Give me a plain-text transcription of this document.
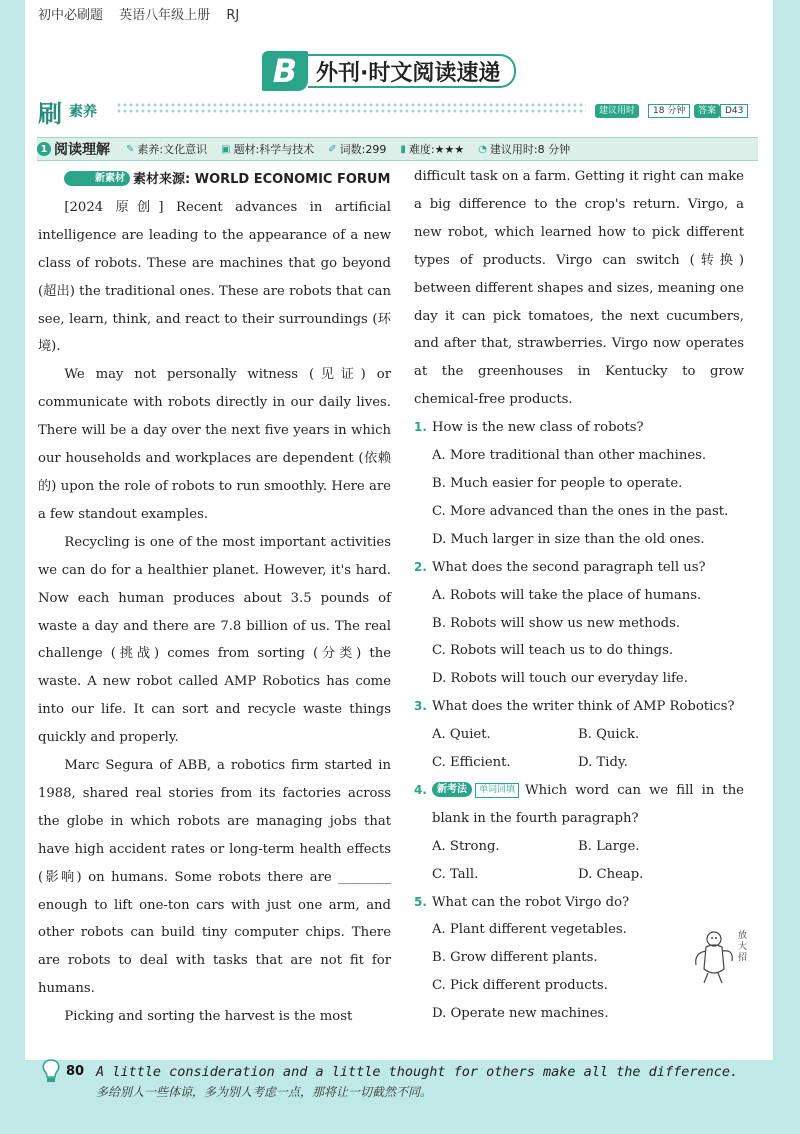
初中必刷题 英语八年级上册 RJ
B 外刊·时文阅读速递
刷 素养	建议用时	18 分钟	答案 D43
1 阅读理解 ✎ 素养:文化意识 ▣ 题材:科学与技术 ✐ 词数:299 ▮ 难度:★★★ ◔ 建议用时:8 分钟

新素材 素材来源: WORLD ECONOMIC FORUM

[2024 原创] Recent advances in artificial intelligence are leading to the appearance of a new class of robots. These are machines that go beyond (超出) the traditional ones. These are robots that can see, learn, think, and react to their surroundings (环境).

We may not personally witness (见证) or communicate with robots directly in our daily lives. There will be a day over the next five years in which our households and workplaces are dependent (依赖的) upon the role of robots to run smoothly. Here are a few standout examples.

Recycling is one of the most important activities we can do for a healthier planet. However, it's hard. Now each human produces about 3.5 pounds of waste a day and there are 7.8 billion of us. The real challenge (挑战) comes from sorting (分类) the waste. A new robot called AMP Robotics has come into our life. It can sort and recycle waste things quickly and properly.

Marc Segura of ABB, a robotics firm started in 1988, shared real stories from its factories across the globe in which robots are managing jobs that have high accident rates or long-term health effects (影响) on humans. Some robots there are ________ enough to lift one-ton cars with just one arm, and other robots can build tiny computer chips. There are robots to deal with tasks that are not fit for humans.

Picking and sorting the harvest is the most

difficult task on a farm. Getting it right can make a big difference to the crop's return. Virgo, a new robot, which learned how to pick different types of products. Virgo can switch (转换) between different shapes and sizes, meaning one day it can pick tomatoes, the next cucumbers, and after that, strawberries. Virgo now operates at the greenhouses in Kentucky to grow chemical-free products.

1. How is the new class of robots?
A. More traditional than other machines.
B. Much easier for people to operate.
C. More advanced than the ones in the past.
D. Much larger in size than the old ones.
2. What does the second paragraph tell us?
A. Robots will take the place of humans.
B. Robots will show us new methods.
C. Robots will teach us to do things.
D. Robots will touch our everyday life.
3. What does the writer think of AMP Robotics?
A. Quiet.	B. Quick.
C. Efficient.	D. Tidy.
4. 新考法 单词回填 Which word can we fill in the blank in the fourth paragraph?
A. Strong.	B. Large.
C. Tall.	D. Cheap.
5. What can the robot Virgo do?
A. Plant different vegetables.
B. Grow different plants.
C. Pick different products.
D. Operate new machines.
放大招
80 A little consideration and a little thought for others make all the difference.
多给别人一些体谅，多为别人考虑一点，那将让一切截然不同。
